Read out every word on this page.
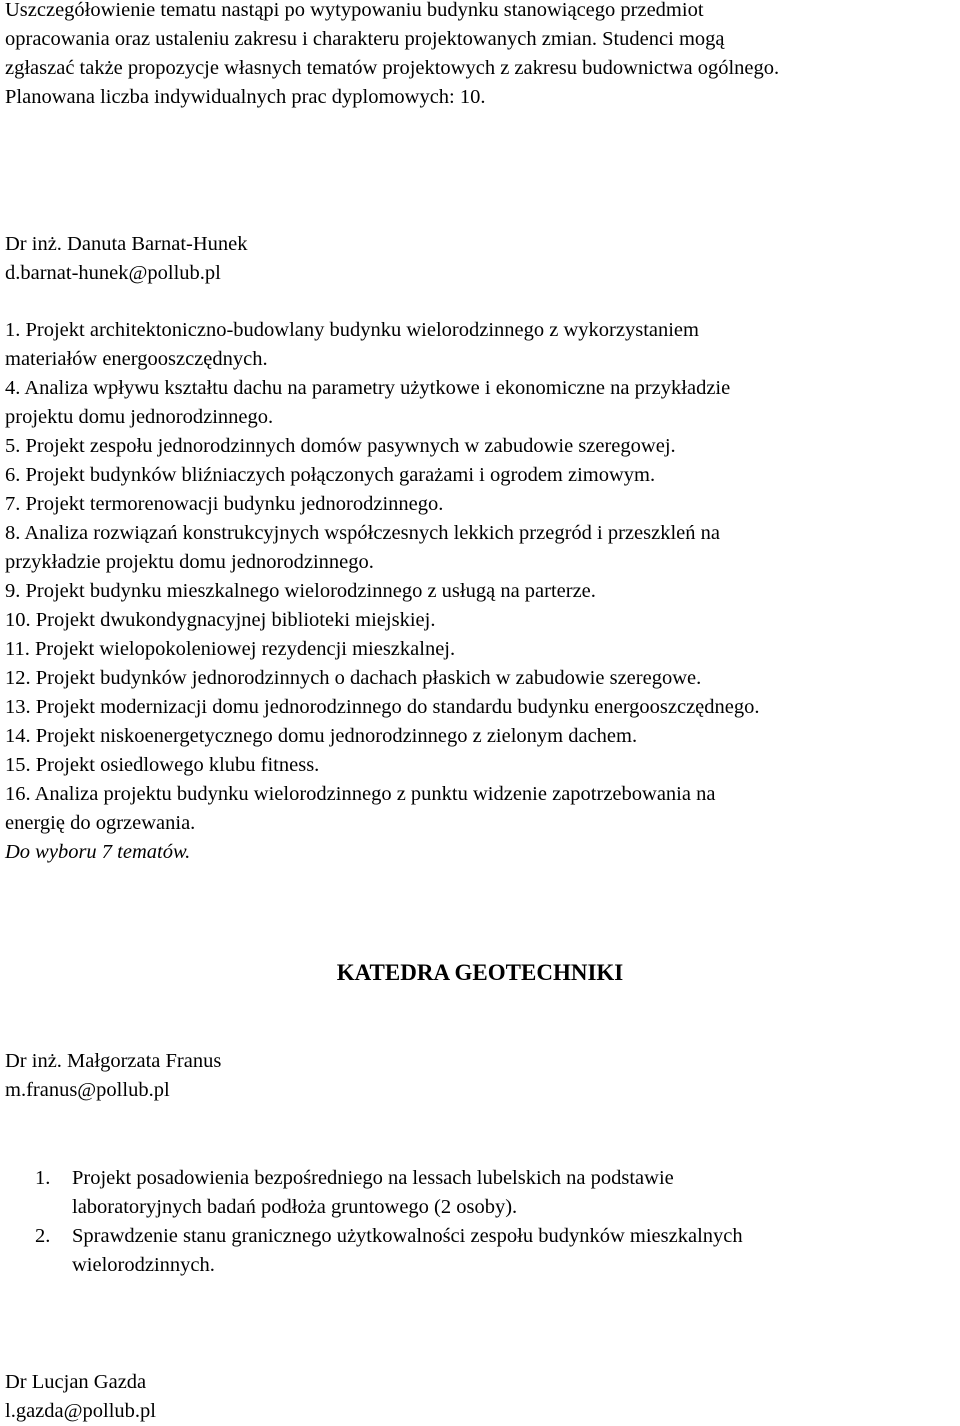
Uszczegółowienie tematu nastąpi po wytypowaniu budynku stanowiącego przedmiot
opracowania oraz ustaleniu zakresu i charakteru projektowanych zmian. Studenci mogą
zgłaszać także propozycje własnych tematów projektowych z zakresu budownictwa ogólnego.
Planowana liczba indywidualnych prac dyplomowych: 10.

Dr inż. Danuta Barnat-Hunek

d.barnat-hunek@pollub.pl

1. Projekt architektoniczno-budowlany budynku wielorodzinnego z wykorzystaniem
materiałów energooszczędnych.
4. Analiza wpływu kształtu dachu na parametry użytkowe i ekonomiczne na przykładzie
projektu domu jednorodzinnego.
5. Projekt zespołu jednorodzinnych domów pasywnych w zabudowie szeregowej.
6. Projekt budynków bliźniaczych połączonych garażami i ogrodem zimowym.
7. Projekt termorenowacji budynku jednorodzinnego.
8. Analiza rozwiązań konstrukcyjnych współczesnych lekkich przegród i przeszkleń na
przykładzie projektu domu jednorodzinnego.
9. Projekt budynku mieszkalnego wielorodzinnego z usługą na parterze.
10. Projekt dwukondygnacyjnej biblioteki miejskiej.
11. Projekt wielopokoleniowej rezydencji mieszkalnej.
12. Projekt budynków jednorodzinnych o dachach płaskich w zabudowie szeregowe.
13. Projekt modernizacji domu jednorodzinnego do standardu budynku energooszczędnego.
14. Projekt niskoenergetycznego domu jednorodzinnego z zielonym dachem.
15. Projekt osiedlowego klubu fitness.
16. Analiza projektu budynku wielorodzinnego z punktu widzenie zapotrzebowania na
energię do ogrzewania.
Do wyboru 7 tematów.

KATEDRA GEOTECHNIKI

Dr inż. Małgorzata Franus

m.franus@pollub.pl

1. Projekt posadowienia bezpośredniego na lessach lubelskich na podstawie
laboratoryjnych badań podłoża gruntowego (2 osoby).
2. Sprawdzenie stanu granicznego użytkowalności zespołu budynków mieszkalnych
wielorodzinnych.

Dr Lucjan Gazda

l.gazda@pollub.pl
